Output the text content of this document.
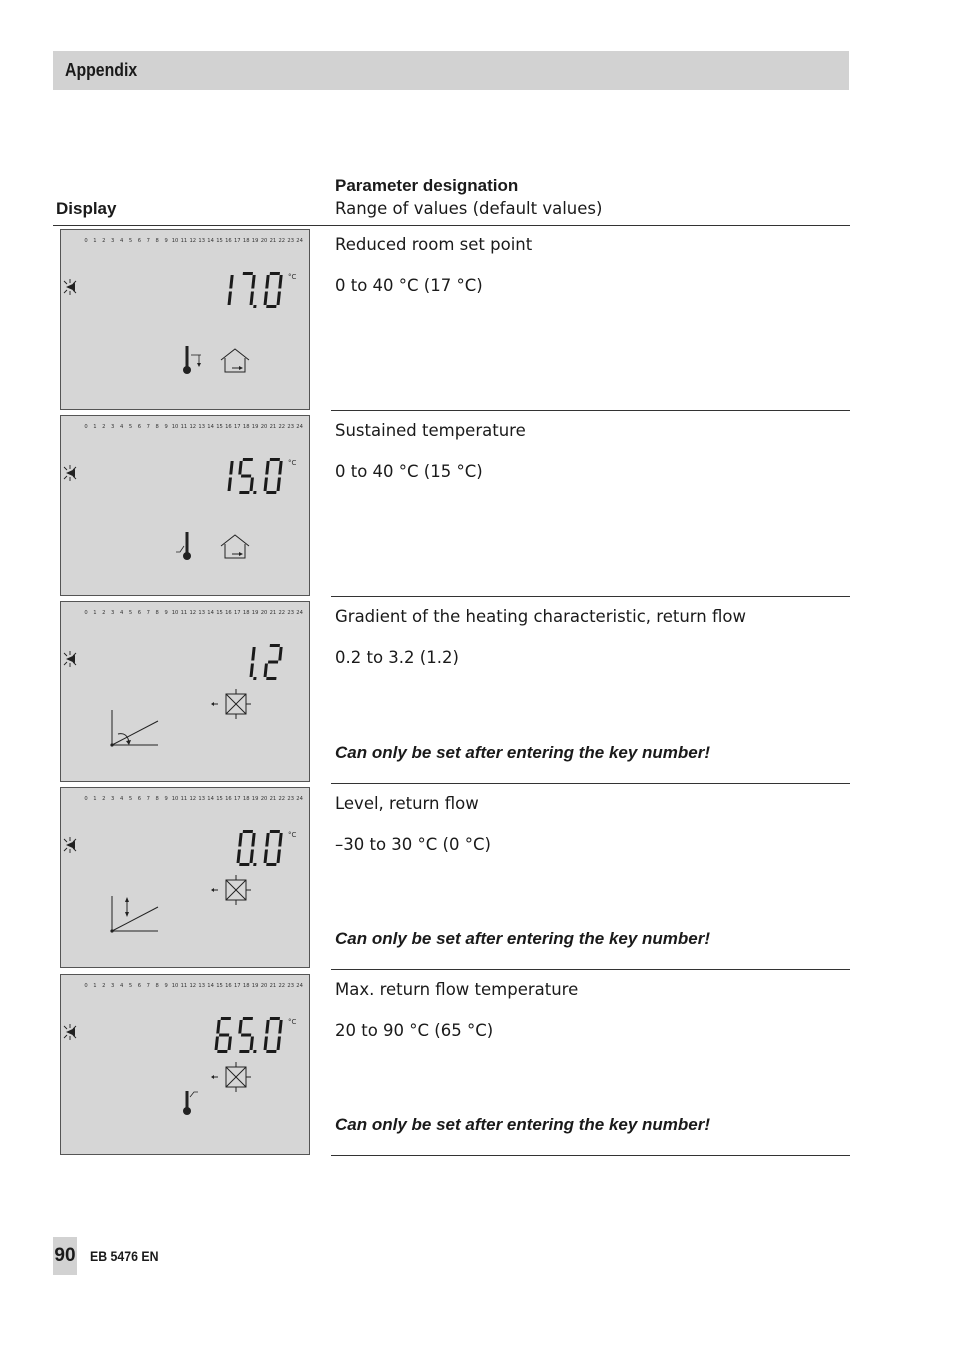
Appendix
Display
Parameter designation
Range of values (default values)
0 1 2 3 4 5 6 7 8 9 10 11 12 13 14 15 16 17 18 19 20 21 22 23 24
°C
Reduced room set point
0 to 40 °C (17 °C)
0 1 2 3 4 5 6 7 8 9 10 11 12 13 14 15 16 17 18 19 20 21 22 23 24
°C
Sustained temperature
0 to 40 °C (15 °C)
0 1 2 3 4 5 6 7 8 9 10 11 12 13 14 15 16 17 18 19 20 21 22 23 24 Gradient of the heating characteristic, return flow
0.2 to 3.2 (1.2)
Can only be set after entering the key number!
0 1 2 3 4 5 6 7 8 9 10 11 12 13 14 15 16 17 18 19 20 21 22 23 24
°C
Level, return flow
–30 to 30 °C (0 °C)
Can only be set after entering the key number!
0 1 2 3 4 5 6 7 8 9 10 11 12 13 14 15 16 17 18 19 20 21 22 23 24
°C
Max. return flow temperature
20 to 90 °C (65 °C)
Can only be set after entering the key number!
90 EB 5476 EN
